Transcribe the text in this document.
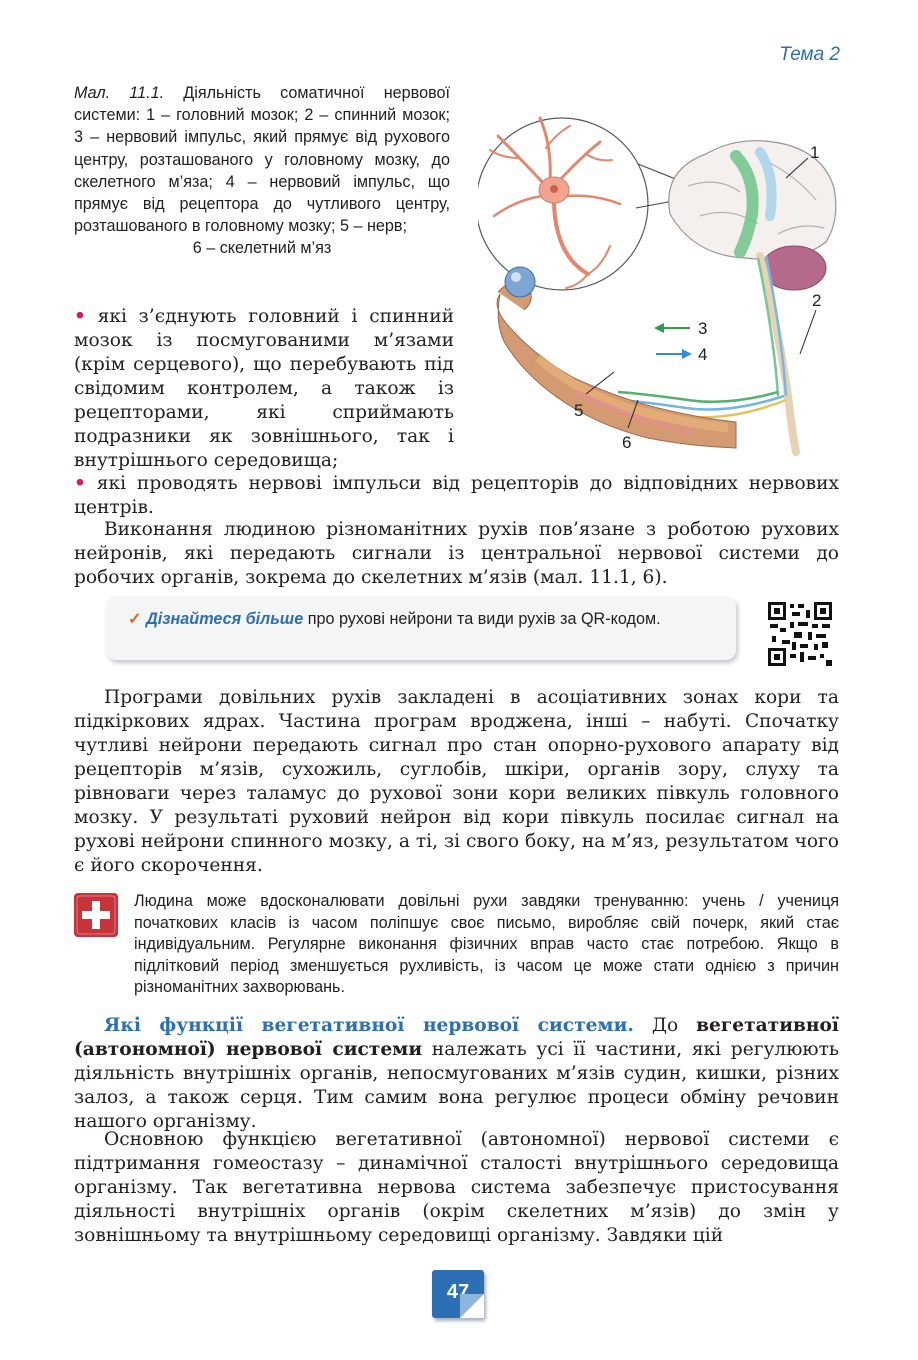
Тема 2
Мал. 11.1. Діяльність соматичної нервової системи: 1 – головний мозок; 2 – спинний мозок; 3 – нервовий імпульс, який прямує від рухового центру, розташованого у головному мозку, до скелетного м’яза; 4 – нервовий імпульс, що прямує від рецептора до чутливого центру, розташованого в головному мозку; 5 – нерв;
6 – скелетний м’яз
1
2
3
4
5
6
• які з’єднують головний і спинний мозок із посмугованими м’язами (крім серцевого), що перебувають під свідомим контролем, а також із рецепторами, які сприймають подразники як зовнішнього, так і внутрішнього середовища;
• які проводять нервові імпульси від рецепторів до відповідних нервових центрів.
Виконання людиною різноманітних рухів пов’язане з роботою рухових нейронів, які передають сигнали із центральної нервової системи до робочих органів, зокрема до скелетних м’язів (мал. 11.1, 6).
✓ Дізнайтеся більше про рухові нейрони та види рухів за QR-кодом.
Програми довільних рухів закладені в асоціативних зонах кори та підкіркових ядрах. Частина програм вроджена, інші – набуті. Спочатку чутливі нейрони передають сигнал про стан опорно-рухового апарату від рецепторів м’язів, сухожиль, суглобів, шкіри, органів зору, слуху та рівноваги через таламус до рухової зони кори великих півкуль головного мозку. У результаті руховий нейрон від кори півкуль посилає сигнал на рухові нейрони спинного мозку, а ті, зі свого боку, на м’яз, результатом чого є його скорочення.
Людина може вдосконалювати довільні рухи завдяки тренуванню: учень / учениця початкових класів із часом поліпшує своє письмо, виробляє свій почерк, який стає індивідуальним. Регулярне виконання фізичних вправ часто стає потребою. Якщо в підлітковий період зменшується рухливість, із часом це може стати однією з причин різноманітних захворювань.
Які функції вегетативної нервової системи. До вегетативної (автономної) нервової системи належать усі її частини, які регулюють діяльність внутрішніх органів, непосмугованих м’язів судин, кишки, різних залоз, а також серця. Тим самим вона регулює процеси обміну речовин нашого організму.
Основною функцією вегетативної (автономної) нервової системи є підтримання гомеостазу – динамічної сталості внутрішнього середовища організму. Так вегетативна нервова система забезпечує пристосування діяльності внутрішніх органів (окрім скелетних м’язів) до змін у зовнішньому та внутрішньому середовищі організму. Завдяки цій
47
